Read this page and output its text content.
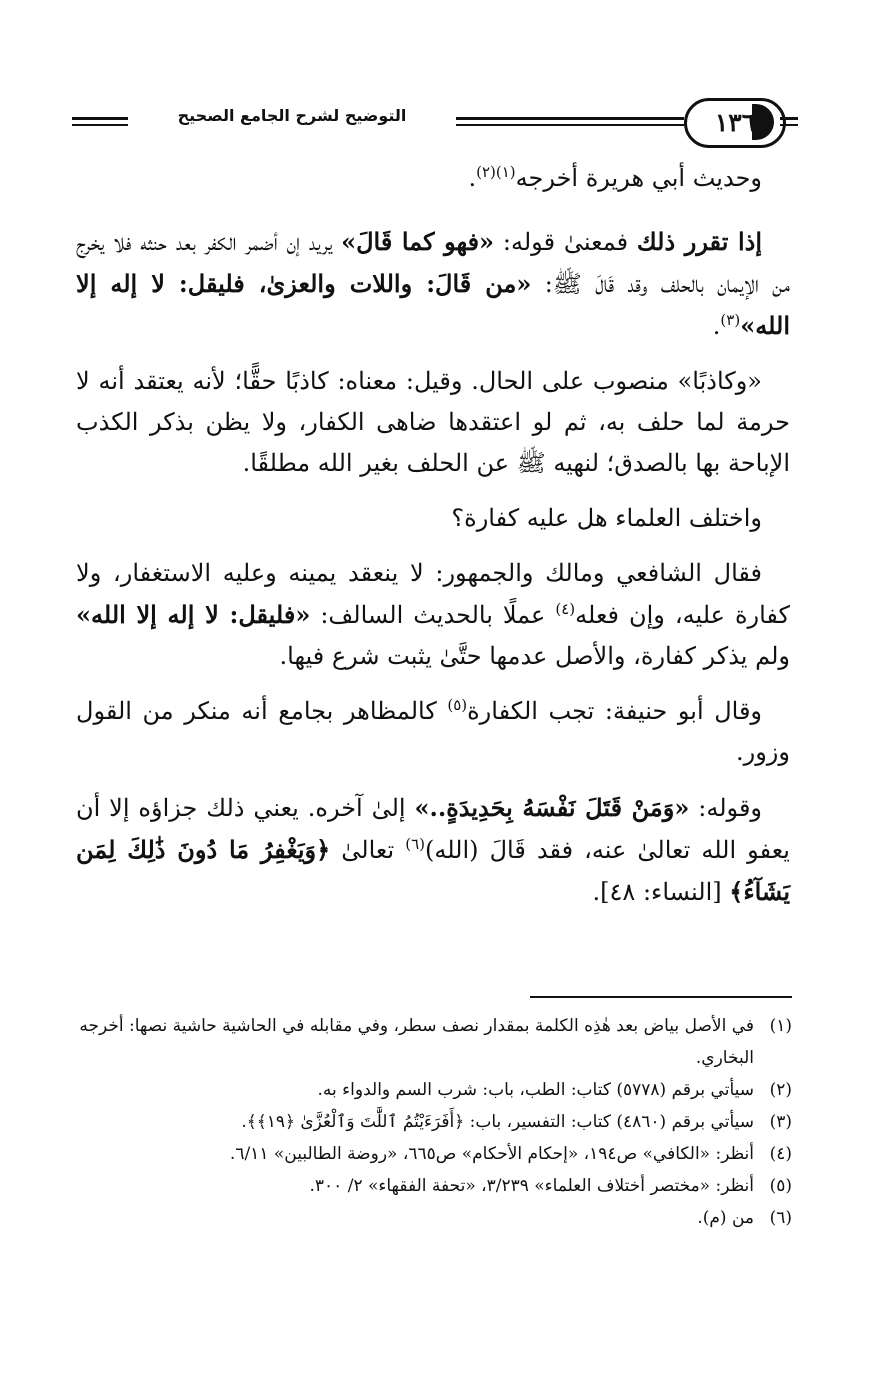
التوضيح لشرح الجامع الصحيح	١٣٦

وحديث أبي هريرة أخرجه$^{(١)(٢)}$.

إذا تقرر ذلك فمعنىٰ قوله: «فهو كما قَالَ» يريد إن أضمر الكفر بعد حنثه فلا يخرج من الإيمان بالحلف وقد قَالَ ﷺ: «من قَالَ: واللات والعزىٰ، فليقل: لا إله إلا الله»$^{(٣)}$.

«وكاذبًا» منصوب على الحال. وقيل: معناه: كاذبًا حقًّا؛ لأنه يعتقد أنه لا حرمة لما حلف به، ثم لو اعتقدها ضاهى الكفار، ولا يظن بذكر الكذب الإباحة بها بالصدق؛ لنهيه ﷺ عن الحلف بغير الله مطلقًا.

واختلف العلماء هل عليه كفارة؟

فقال الشافعي ومالك والجمهور: لا ينعقد يمينه وعليه الاستغفار، ولا كفارة عليه، وإن فعله$^{(٤)}$ عملًا بالحديث السالف: «فليقل: لا إله إلا الله» ولم يذكر كفارة، والأصل عدمها حتَّىٰ يثبت شرع فيها.

وقال أبو حنيفة: تجب الكفارة$^{(٥)}$ كالمظاهر بجامع أنه منكر من القول وزور.

وقوله: «وَمَنْ قَتَلَ نَفْسَهُ بِحَدِيدَةٍ..» إلىٰ آخره. يعني ذلك جزاؤه إلا أن يعفو الله تعالىٰ عنه، فقد قَالَ (الله)$^{(٦)}$ تعالىٰ ﴿وَيَغْفِرُ مَا دُونَ ذَٰلِكَ لِمَن يَشَآءُ﴾ [النساء: ٤٨].

(١)
في الأصل بياض بعد هٰذِه الكلمة بمقدار نصف سطر، وفي مقابله في الحاشية حاشية نصها: أخرجه البخاري.
(٢)
سيأتي برقم (٥٧٧٨) كتاب: الطب، باب: شرب السم والدواء به.
(٣)
سيأتي برقم (٤٨٦٠) كتاب: التفسير، باب: ﴿أَفَرَءَيْتُمُ ٱللَّٰتَ وَٱلْعُزَّىٰ ﴿١٩﴾﴾.
(٤)
أنظر: «الكافي» ص١٩٤، «إحكام الأحكام» ص٦٦٥، «روضة الطالبين» ٦/١١.
(٥)
أنظر: «مختصر أختلاف العلماء» ٣/٢٣٩، «تحفة الفقهاء» ٢/ ٣٠٠.
(٦)
من (م).
